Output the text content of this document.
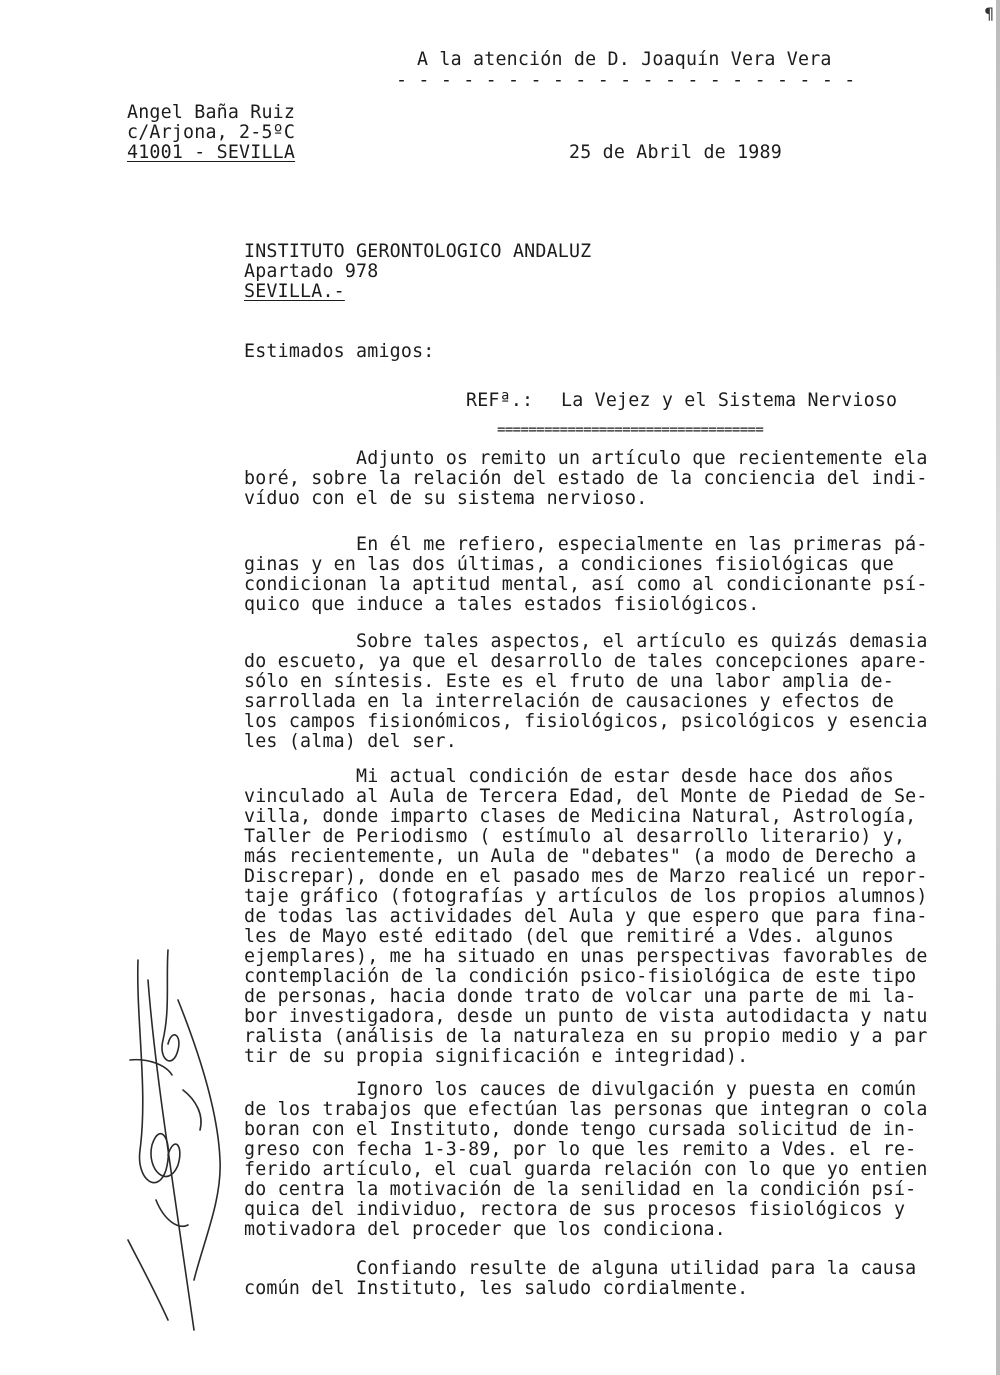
A la atención de D. Joaquín Vera Vera
- - - - - - - - - - - - - - - - - - - - -
Angel Baña Ruiz
c/Arjona, 2-5ºC
41001 - SEVILLA	25 de Abril de 1989
INSTITUTO GERONTOLOGICO ANDALUZ
Apartado 978
SEVILLA.-
Estimados amigos:
REFª.: La Vejez y el Sistema Nervioso
==================================
Adjunto os remito un artículo que recientemente ela
boré, sobre la relación del estado de la conciencia del indi-
víduo con el de su sistema nervioso.
En él me refiero, especialmente en las primeras pá-
ginas y en las dos últimas, a condiciones fisiológicas que
condicionan la aptitud mental, así como al condicionante psí-
quico que induce a tales estados fisiológicos.
Sobre tales aspectos, el artículo es quizás demasia
do escueto, ya que el desarrollo de tales concepciones apare-
sólo en síntesis. Este es el fruto de una labor amplia de-
sarrollada en la interrelación de causaciones y efectos de
los campos fisionómicos, fisiológicos, psicológicos y esencia
les (alma) del ser.
Mi actual condición de estar desde hace dos años
vinculado al Aula de Tercera Edad, del Monte de Piedad de Se-
villa, donde imparto clases de Medicina Natural, Astrología,
Taller de Periodismo ( estímulo al desarrollo literario) y,
más recientemente, un Aula de "debates" (a modo de Derecho a
Discrepar), donde en el pasado mes de Marzo realicé un repor-
taje gráfico (fotografías y artículos de los propios alumnos)
de todas las actividades del Aula y que espero que para fina-
les de Mayo esté editado (del que remitiré a Vdes. algunos
ejemplares), me ha situado en unas perspectivas favorables de
contemplación de la condición psico-fisiológica de este tipo
de personas, hacia donde trato de volcar una parte de mi la-
bor investigadora, desde un punto de vista autodidacta y natu
ralista (análisis de la naturaleza en su propio medio y a par
tir de su propia significación e integridad).
Ignoro los cauces de divulgación y puesta en común
de los trabajos que efectúan las personas que integran o cola
boran con el Instituto, donde tengo cursada solicitud de in-
greso con fecha 1-3-89, por lo que les remito a Vdes. el re-
ferido artículo, el cual guarda relación con lo que yo entien
do centra la motivación de la senilidad en la condición psí-
quica del individuo, rectora de sus procesos fisiológicos y
motivadora del proceder que los condiciona.
Confiando resulte de alguna utilidad para la causa
común del Instituto, les saludo cordialmente.
¶
